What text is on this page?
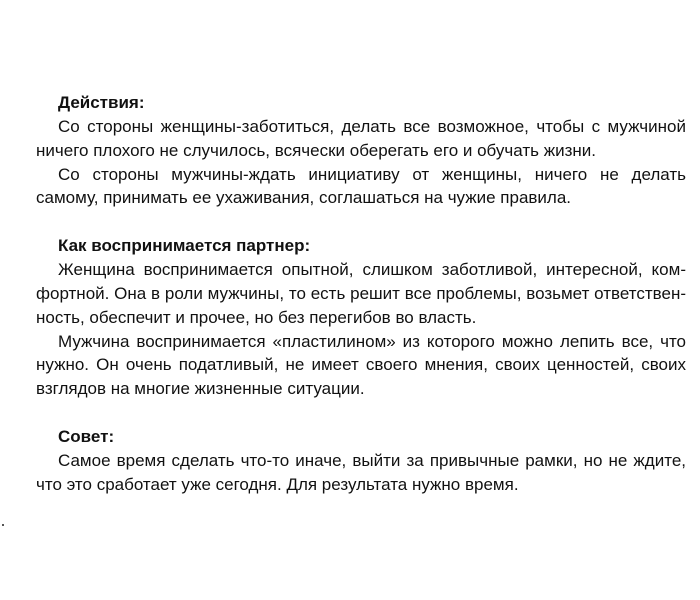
Действия:

Со стороны женщины-заботиться, делать все возможное, чтобы с мужчиной ничего плохого не случилось, всячески оберегать его и обучать жизни.

Со стороны мужчины-ждать инициативу от женщины, ничего не делать самому, принимать ее ухаживания, соглашаться на чужие правила.

Как воспринимается партнер:

Женщина воспринимается опытной, слишком заботливой, интересной, комфортной. Она в роли мужчины, то есть решит все проблемы, возьмет ответственность, обеспечит и прочее, но без перегибов во власть.

Мужчина воспринимается «пластилином» из которого можно лепить все, что нужно. Он очень податливый, не имеет своего мнения, своих ценностей, своих взглядов на многие жизненные ситуации.

Совет:

Самое время сделать что-то иначе, выйти за привычные рамки, но не ждите, что это сработает уже сегодня. Для результата нужно время.
